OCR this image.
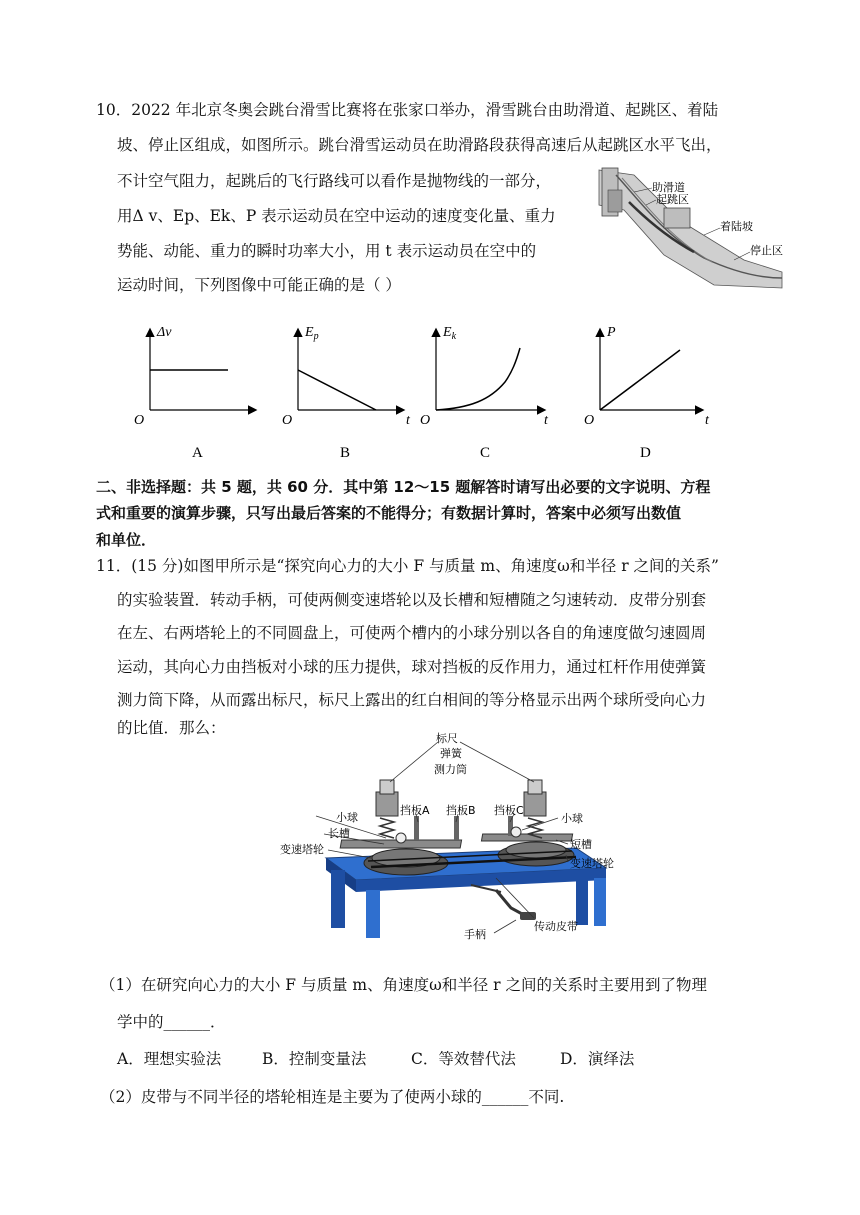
10．2022 年北京冬奥会跳台滑雪比赛将在张家口举办，滑雪跳台由助滑道、起跳区、着陆
坡、停止区组成，如图所示。跳台滑雪运动员在助滑路段获得高速后从起跳区水平飞出，
不计空气阻力，起跳后的飞行路线可以看作是抛物线的一部分，
用Δ v、Ep、Ek、P 表示运动员在空中运动的速度变化量、重力
势能、动能、重力的瞬时功率大小，用 t 表示运动员在空中的
运动时间，下列图像中可能正确的是（ ）
助滑道
起跳区
着陆坡
停止区
Δv
O
A
$E_p$
t
O
B
$E_k$
t
O
C
P
t
O
D
二、非选择题：共 5 题，共 60 分．其中第 12～15 题解答时请写出必要的文字说明、方程
式和重要的演算步骤，只写出最后答案的不能得分；有数据计算时，答案中必须写出数值
和单位．
11．(15 分)如图甲所示是“探究向心力的大小 F 与质量 m、角速度ω和半径 r 之间的关系”
的实验装置．转动手柄，可使两侧变速塔轮以及长槽和短槽随之匀速转动．皮带分别套
在左、右两塔轮上的不同圆盘上，可使两个槽内的小球分别以各自的角速度做匀速圆周
运动，其向心力由挡板对小球的压力提供，球对挡板的反作用力，通过杠杆作用使弹簧
测力筒下降，从而露出标尺，标尺上露出的红白相间的等分格显示出两个球所受向心力
的比值．那么：
标尺
弹簧
测力筒
小球
长槽
变速塔轮
挡板A 挡板B 挡板C
小球
短槽
变速塔轮
传动皮带
手柄
（1）在研究向心力的大小 F 与质量 m、角速度ω和半径 r 之间的关系时主要用到了物理
学中的______．
A．理想实验法	B．控制变量法	C．等效替代法	D．演绎法
（2）皮带与不同半径的塔轮相连是主要为了使两小球的______不同.
